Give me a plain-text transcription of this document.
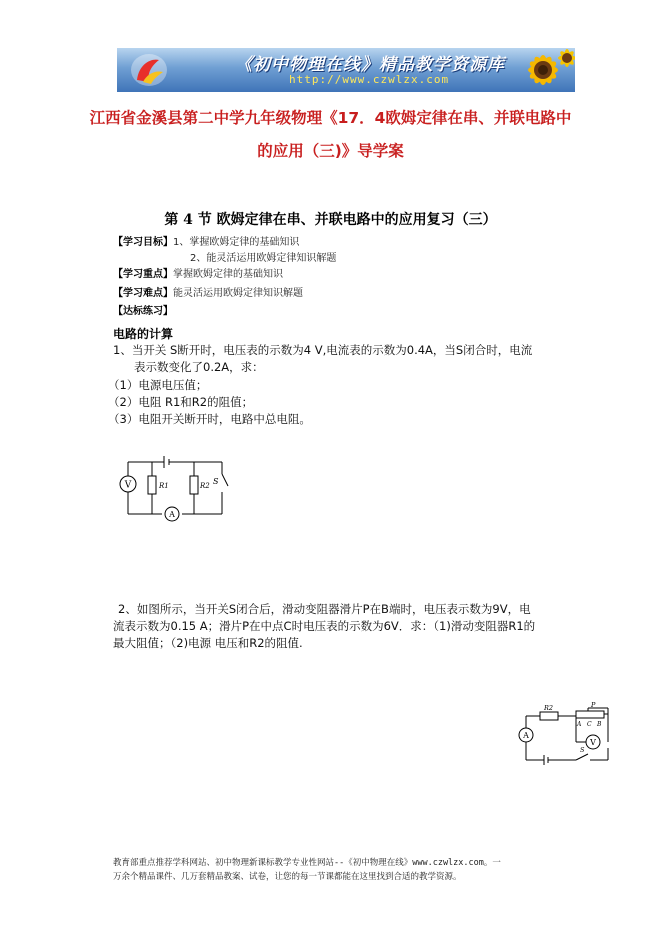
《初中物理在线》精品教学资源库
http://www.czwlzx.com
江西省金溪县第二中学九年级物理《17．4欧姆定律在串、并联电路中
的应用（三)》导学案
第 4 节 欧姆定律在串、并联电路中的应用复习（三）
【学习目标】1、掌握欧姆定律的基础知识
2、能灵活运用欧姆定律知识解题
【学习重点】掌握欧姆定律的基础知识
【学习难点】能灵活运用欧姆定律知识解题
【达标练习】
电路的计算
1、当开关 S断开时，电压表的示数为4 V,电流表的示数为0.4A，当S闭合时，电流
表示数变化了0.2A，求：
（1）电源电压值；
（2）电阻 R1和R2的阻值；
（3）电阻开关断开时，电路中总电阻。
V
A
R1	R2 S
2、如图所示，当开关S闭合后，滑动变阻器滑片P在B端时，电压表示数为9V，电
流表示数为0.15 A；滑片P在中点C时电压表的示数为6V．求：（1)滑动变阻器R1的
最大阻值；（2)电源 电压和R2的阻值.
A
V
R2	P
A C B
S
教育部重点推荐学科网站、初中物理新课标教学专业性网站--《初中物理在线》www.czwlzx.com。一
万余个精品课件、几万套精品教案、试卷，让您的每一节课都能在这里找到合适的教学资源。
